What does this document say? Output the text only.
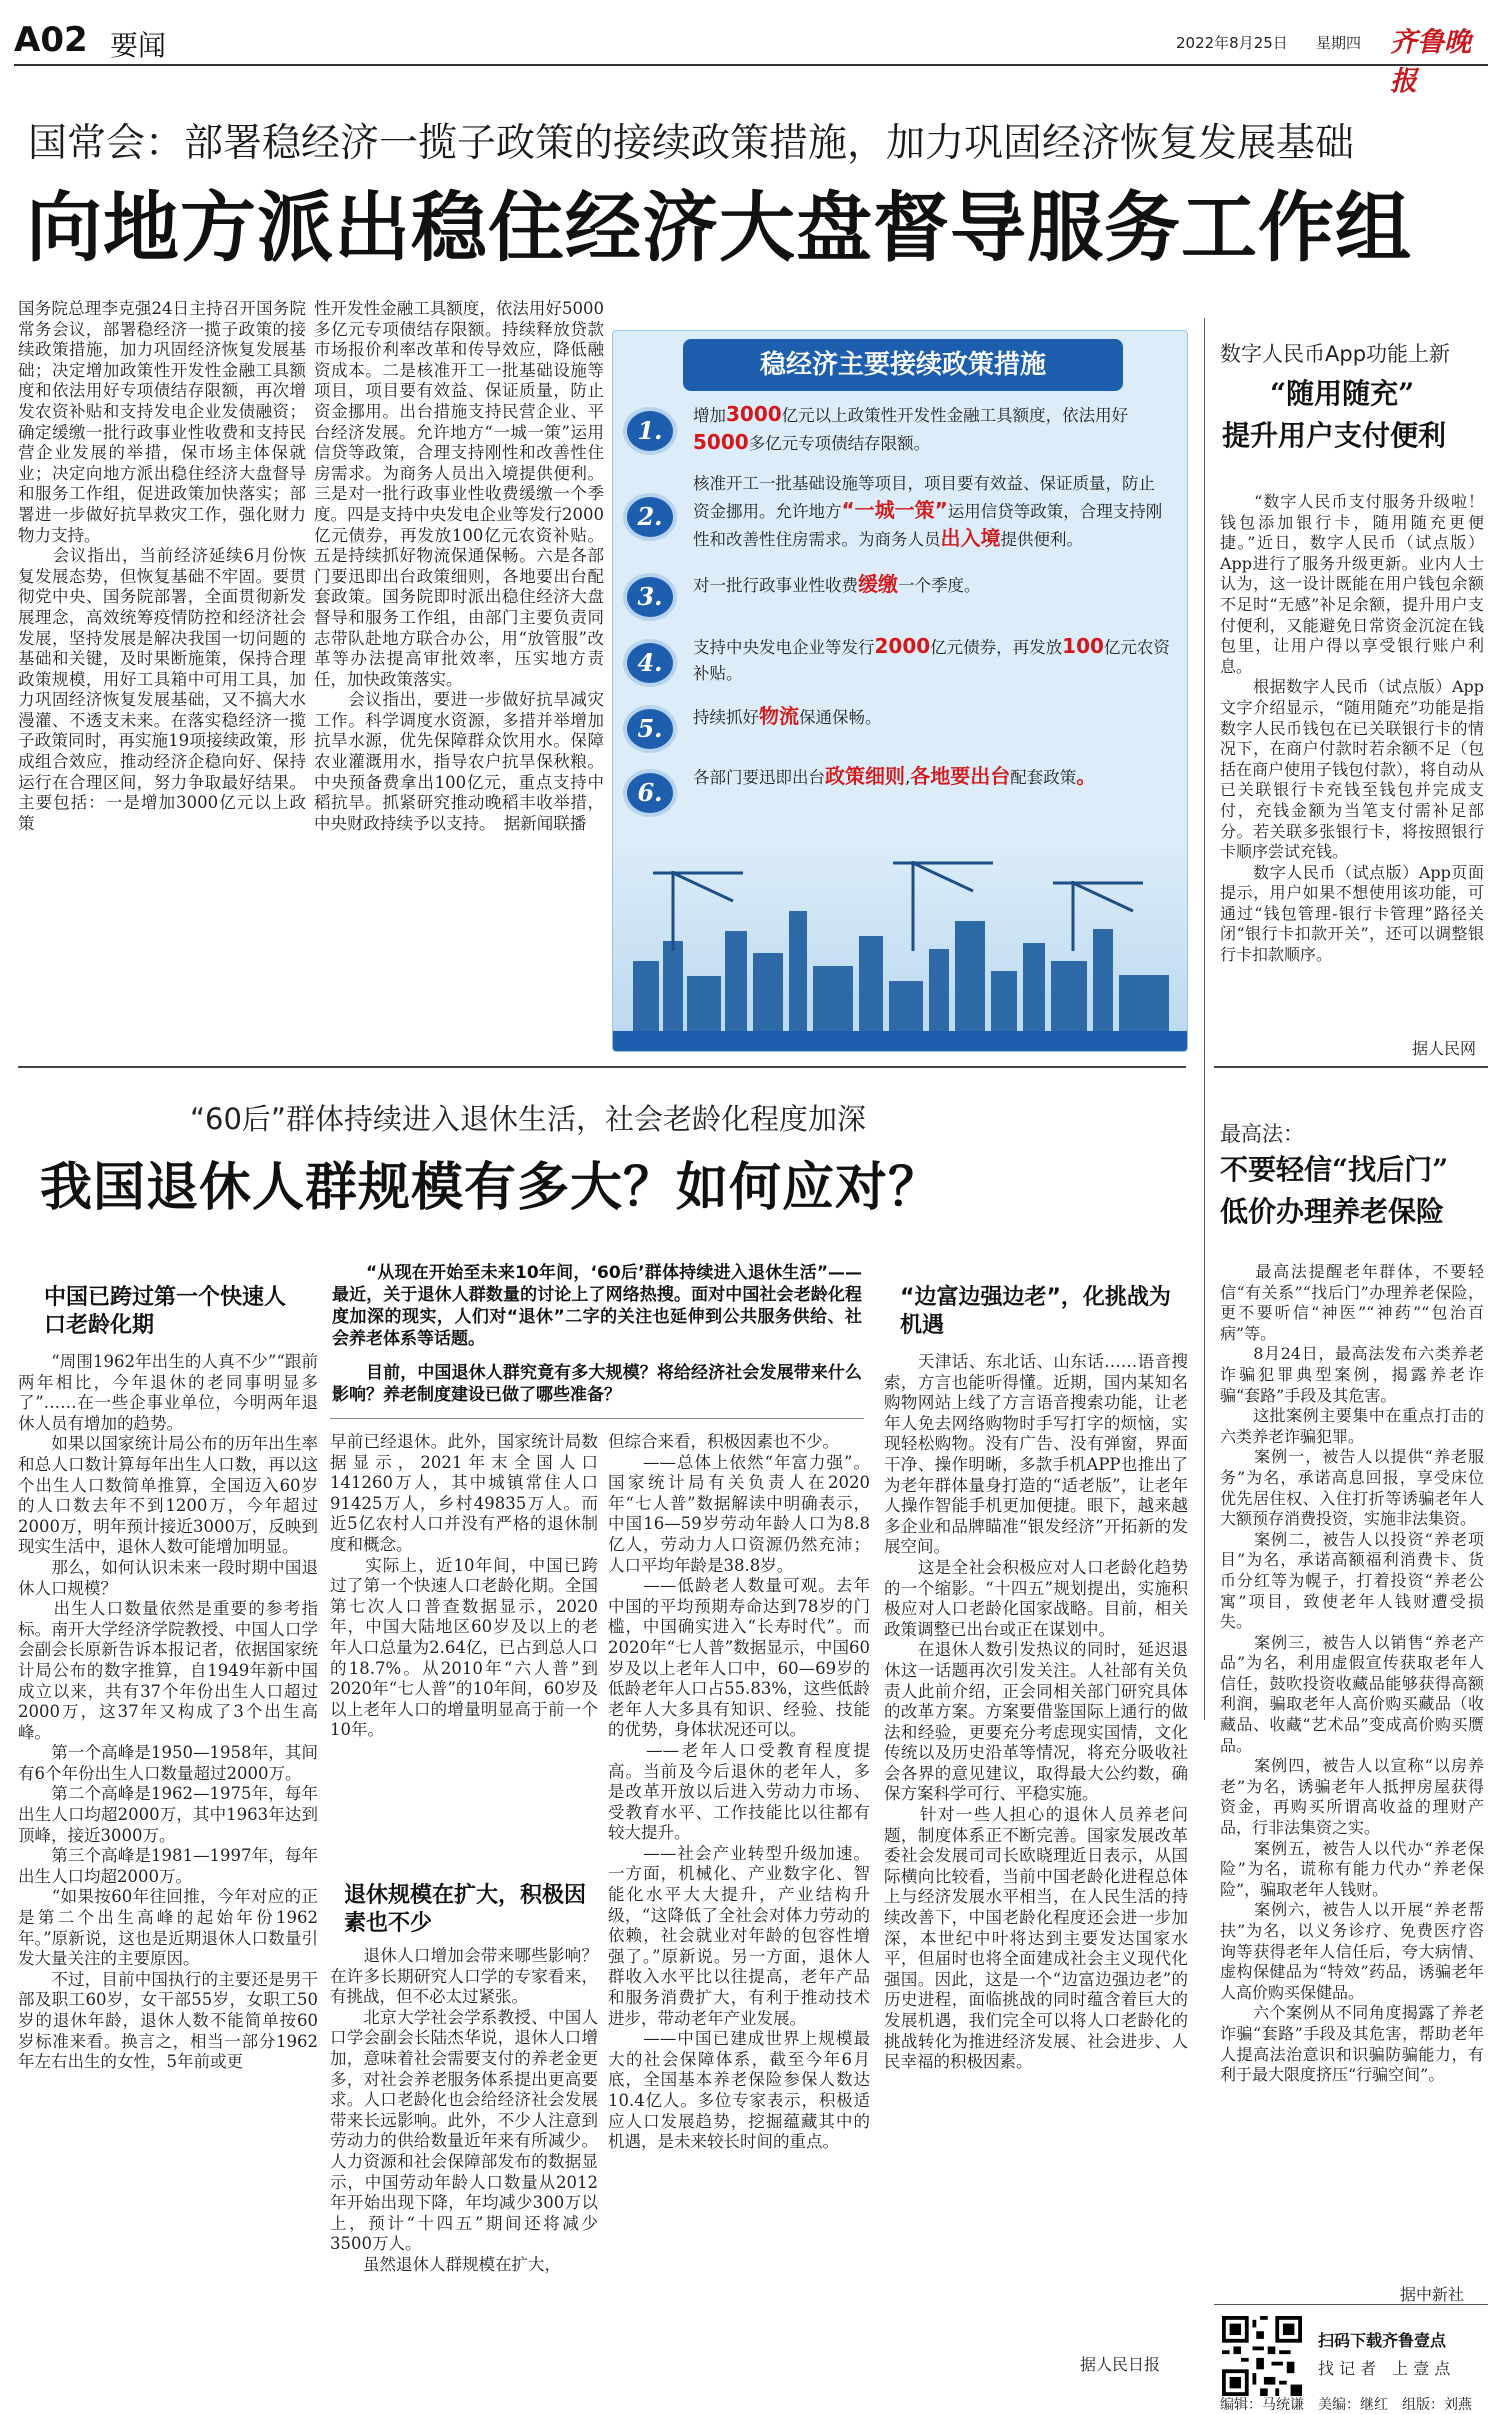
A02 要闻	2022年8月25日 星期四 齐鲁晚报
国常会：部署稳经济一揽子政策的接续政策措施，加力巩固经济恢复发展基础
向地方派出稳住经济大盘督导服务工作组
国务院总理李克强24日主持召开国务院常务会议，部署稳经济一揽子政策的接续政策措施，加力巩固经济恢复发展基础；决定增加政策性开发性金融工具额度和依法用好专项债结存限额，再次增发农资补贴和支持发电企业发债融资；确定缓缴一批行政事业性收费和支持民营企业发展的举措，保市场主体保就业；决定向地方派出稳住经济大盘督导和服务工作组，促进政策加快落实；部署进一步做好抗旱救灾工作，强化财力物力支持。
　　会议指出，当前经济延续6月份恢复发展态势，但恢复基础不牢固。要贯彻党中央、国务院部署，全面贯彻新发展理念，高效统筹疫情防控和经济社会发展，坚持发展是解决我国一切问题的基础和关键，及时果断施策，保持合理政策规模，用好工具箱中可用工具，加力巩固经济恢复发展基础，又不搞大水漫灌、不透支未来。在落实稳经济一揽子政策同时，再实施19项接续政策，形成组合效应，推动经济企稳向好、保持运行在合理区间，努力争取最好结果。主要包括：一是增加3000亿元以上政策
性开发性金融工具额度，依法用好5000多亿元专项债结存限额。持续释放贷款市场报价利率改革和传导效应，降低融资成本。二是核准开工一批基础设施等项目，项目要有效益、保证质量，防止资金挪用。出台措施支持民营企业、平台经济发展。允许地方“一城一策”运用信贷等政策，合理支持刚性和改善性住房需求。为商务人员出入境提供便利。三是对一批行政事业性收费缓缴一个季度。四是支持中央发电企业等发行2000亿元债券，再发放100亿元农资补贴。五是持续抓好物流保通保畅。六是各部门要迅即出台政策细则，各地要出台配套政策。国务院即时派出稳住经济大盘督导和服务工作组，由部门主要负责同志带队赴地方联合办公，用“放管服”改革等办法提高审批效率，压实地方责任，加快政策落实。
　　会议指出，要进一步做好抗旱减灾工作。科学调度水资源，多措并举增加抗旱水源，优先保障群众饮用水。保障农业灌溉用水，指导农户抗旱保秋粮。中央预备费拿出100亿元，重点支持中稻抗旱。抓紧研究推动晚稻丰收举措，中央财政持续予以支持。　据新闻联播
稳经济主要接续政策措施
1.
增加3000亿元以上政策性开发性金融工具额度，依法用好5000多亿元专项债结存限额。
2.
核准开工一批基础设施等项目，项目要有效益、保证质量，防止资金挪用。允许地方“一城一策”运用信贷等政策，合理支持刚性和改善性住房需求。为商务人员出入境提供便利。
3.	对一批行政事业性收费缓缴一个季度。
4.
支持中央发电企业等发行2000亿元债券，再发放100亿元农资补贴。
5.	持续抓好物流保通保畅。
6.
各部门要迅即出台政策细则,各地要出台配套政策。
数字人民币App功能上新
“随用随充”
提升用户支付便利
　　“数字人民币支付服务升级啦！钱包添加银行卡，随用随充更便捷。”近日，数字人民币（试点版）App进行了服务升级更新。业内人士认为，这一设计既能在用户钱包余额不足时“无感”补足余额，提升用户支付便利，又能避免日常资金沉淀在钱包里，让用户得以享受银行账户利息。
　　根据数字人民币（试点版）App文字介绍显示，“随用随充”功能是指数字人民币钱包在已关联银行卡的情况下，在商户付款时若余额不足（包括在商户使用子钱包付款），将自动从已关联银行卡充钱至钱包并完成支付，充钱金额为当笔支付需补足部分。若关联多张银行卡，将按照银行卡顺序尝试充钱。
　　数字人民币（试点版）App页面提示，用户如果不想使用该功能，可通过“钱包管理-银行卡管理”路径关闭“银行卡扣款开关”，还可以调整银行卡扣款顺序。
据人民网
“60后”群体持续进入退休生活，社会老龄化程度加深
我国退休人群规模有多大？如何应对？
“从现在开始至未来10年间，‘60后’群体持续进入退休生活”——最近，关于退休人群数量的讨论上了网络热搜。面对中国社会老龄化程度加深的现实，人们对“退休”二字的关注也延伸到公共服务供给、社会养老体系等话题。
目前，中国退休人群究竟有多大规模？将给经济社会发展带来什么影响？养老制度建设已做了哪些准备？
中国已跨过第一个快速人口老龄化期
　　“周围1962年出生的人真不少”“跟前两年相比，今年退休的老同事明显多了”……在一些企事业单位，今明两年退休人员有增加的趋势。
　　如果以国家统计局公布的历年出生率和总人口数计算每年出生人口数，再以这个出生人口数简单推算，全国迈入60岁的人口数去年不到1200万，今年超过2000万，明年预计接近3000万，反映到现实生活中，退休人数可能增加明显。
　　那么，如何认识未来一段时期中国退休人口规模？
　　出生人口数量依然是重要的参考指标。南开大学经济学院教授、中国人口学会副会长原新告诉本报记者，依据国家统计局公布的数字推算，自1949年新中国成立以来，共有37个年份出生人口超过2000万，这37年又构成了3个出生高峰。
　　第一个高峰是1950—1958年，其间有6个年份出生人口数量超过2000万。
　　第二个高峰是1962—1975年，每年出生人口均超2000万，其中1963年达到顶峰，接近3000万。
　　第三个高峰是1981—1997年，每年出生人口均超2000万。
　　“如果按60年往回推，今年对应的正是第二个出生高峰的起始年份1962年。”原新说，这也是近期退休人口数量引发大量关注的主要原因。
　　不过，目前中国执行的主要还是男干部及职工60岁，女干部55岁，女职工50岁的退休年龄，退休人数不能简单按60岁标准来看。换言之，相当一部分1962年左右出生的女性，5年前或更
早前已经退休。此外，国家统计局数据显示，2021年末全国人口141260万人，其中城镇常住人口91425万人，乡村49835万人。而近5亿农村人口并没有严格的退休制度和概念。
　　实际上，近10年间，中国已跨过了第一个快速人口老龄化期。全国第七次人口普查数据显示，2020年，中国大陆地区60岁及以上的老年人口总量为2.64亿，已占到总人口的18.7%。从2010年“六人普”到2020年“七人普”的10年间，60岁及以上老年人口的增量明显高于前一个10年。
退休规模在扩大，积极因素也不少
　　退休人口增加会带来哪些影响？在许多长期研究人口学的专家看来，有挑战，但不必太过紧张。
　　北京大学社会学系教授、中国人口学会副会长陆杰华说，退休人口增加，意味着社会需要支付的养老金更多，对社会养老服务体系提出更高要求。人口老龄化也会给经济社会发展带来长远影响。此外，不少人注意到劳动力的供给数量近年来有所减少。人力资源和社会保障部发布的数据显示，中国劳动年龄人口数量从2012年开始出现下降，年均减少300万以上，预计“十四五”期间还将减少3500万人。
　　虽然退休人群规模在扩大，
但综合来看，积极因素也不少。
　　——总体上依然“年富力强”。国家统计局有关负责人在2020年“七人普”数据解读中明确表示，中国16—59岁劳动年龄人口为8.8亿人，劳动力人口资源仍然充沛；人口平均年龄是38.8岁。
　　——低龄老人数量可观。去年中国的平均预期寿命达到78岁的门槛，中国确实进入“长寿时代”。而2020年“七人普”数据显示，中国60岁及以上老年人口中，60—69岁的低龄老年人口占55.83%，这些低龄老年人大多具有知识、经验、技能的优势，身体状况还可以。
　　——老年人口受教育程度提高。当前及今后退休的老年人，多是改革开放以后进入劳动力市场、受教育水平、工作技能比以往都有较大提升。
　　——社会产业转型升级加速。一方面，机械化、产业数字化、智能化水平大大提升，产业结构升级，“这降低了全社会对体力劳动的依赖，社会就业对年龄的包容性增强了。”原新说。另一方面，退休人群收入水平比以往提高，老年产品和服务消费扩大，有利于推动技术进步，带动老年产业发展。
　　——中国已建成世界上规模最大的社会保障体系，截至今年6月底，全国基本养老保险参保人数达10.4亿人。多位专家表示，积极适应人口发展趋势，挖掘蕴藏其中的机遇，是未来较长时间的重点。
“边富边强边老”，化挑战为机遇
　　天津话、东北话、山东话……语音搜索，方言也能听得懂。近期，国内某知名购物网站上线了方言语音搜索功能，让老年人免去网络购物时手写打字的烦恼，实现轻松购物。没有广告、没有弹窗，界面干净、操作明晰，多款手机APP也推出了为老年群体量身打造的“适老版”，让老年人操作智能手机更加便捷。眼下，越来越多企业和品牌瞄准“银发经济”开拓新的发展空间。
　　这是全社会积极应对人口老龄化趋势的一个缩影。“十四五”规划提出，实施积极应对人口老龄化国家战略。目前，相关政策调整已出台或正在谋划中。
　　在退休人数引发热议的同时，延迟退休这一话题再次引发关注。人社部有关负责人此前介绍，正会同相关部门研究具体的改革方案。方案要借鉴国际上通行的做法和经验，更要充分考虑现实国情，文化传统以及历史沿革等情况，将充分吸收社会各界的意见建议，取得最大公约数，确保方案科学可行、平稳实施。
　　针对一些人担心的退休人员养老问题，制度体系正不断完善。国家发展改革委社会发展司司长欧晓理近日表示，从国际横向比较看，当前中国老龄化进程总体上与经济发展水平相当，在人民生活的持续改善下，中国老龄化程度还会进一步加深，本世纪中叶将达到主要发达国家水平，但届时也将全面建成社会主义现代化强国。因此，这是一个“边富边强边老”的历史进程，面临挑战的同时蕴含着巨大的发展机遇，我们完全可以将人口老龄化的挑战转化为推进经济发展、社会进步、人民幸福的积极因素。
据人民日报
最高法：
不要轻信“找后门”
低价办理养老保险
　　最高法提醒老年群体，不要轻信“有关系”“找后门”办理养老保险，更不要听信“神医”“神药”“包治百病”等。
　　8月24日，最高法发布六类养老诈骗犯罪典型案例，揭露养老诈骗“套路”手段及其危害。
　　这批案例主要集中在重点打击的六类养老诈骗犯罪。
　　案例一，被告人以提供“养老服务”为名，承诺高息回报，享受床位优先居住权、入住打折等诱骗老年人大额预存消费投资，实施非法集资。
　　案例二，被告人以投资“养老项目”为名，承诺高额福利消费卡、货币分红等为幌子，打着投资“养老公寓”项目，致使老年人钱财遭受损失。
　　案例三，被告人以销售“养老产品”为名，利用虚假宣传获取老年人信任，鼓吹投资收藏品能够获得高额利润，骗取老年人高价购买藏品（收藏品、收藏“艺术品”变成高价购买赝品。
　　案例四，被告人以宣称“以房养老”为名，诱骗老年人抵押房屋获得资金，再购买所谓高收益的理财产品，行非法集资之实。
　　案例五，被告人以代办“养老保险”为名，谎称有能力代办“养老保险”，骗取老年人钱财。
　　案例六，被告人以开展“养老帮扶”为名，以义务诊疗、免费医疗咨询等获得老年人信任后，夸大病情、虚构保健品为“特效”药品，诱骗老年人高价购买保健品。
　　六个案例从不同角度揭露了养老诈骗“套路”手段及其危害，帮助老年人提高法治意识和识骗防骗能力，有利于最大限度挤压“行骗空间”。
据中新社
扫码下载齐鲁壹点
找 记 者　上 壹 点
编辑：马统谦　美编：继红　组版：刘燕
